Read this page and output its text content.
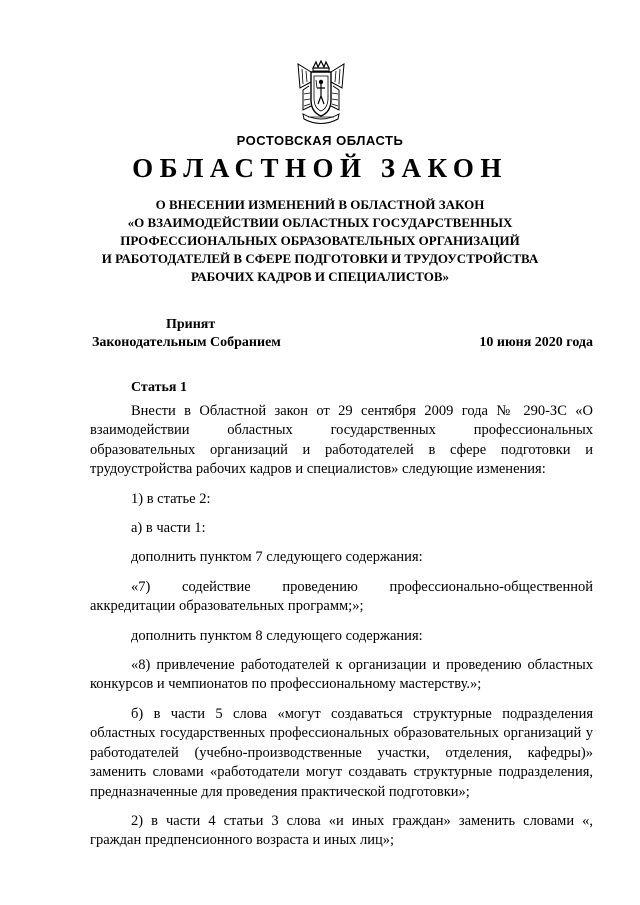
РОСТОВСКАЯ ОБЛАСТЬ
ОБЛАСТНОЙ ЗАКОН
О ВНЕСЕНИИ ИЗМЕНЕНИЙ В ОБЛАСТНОЙ ЗАКОН
«О ВЗАИМОДЕЙСТВИИ ОБЛАСТНЫХ ГОСУДАРСТВЕННЫХ
ПРОФЕССИОНАЛЬНЫХ ОБРАЗОВАТЕЛЬНЫХ ОРГАНИЗАЦИЙ
И РАБОТОДАТЕЛЕЙ В СФЕРЕ ПОДГОТОВКИ И ТРУДОУСТРОЙСТВА
РАБОЧИХ КАДРОВ И СПЕЦИАЛИСТОВ»
Принят
Законодательным Собранием	10 июня 2020 года
Статья 1

Внести в Областной закон от 29 сентября 2009 года № 290-ЗС «О взаимодействии областных государственных профессиональных образовательных организаций и работодателей в сфере подготовки и трудоустройства рабочих кадров и специалистов» следующие изменения:

1) в статье 2:

а) в части 1:

дополнить пунктом 7 следующего содержания:

«7) содействие проведению профессионально-общественной аккредитации образовательных программ;»;

дополнить пунктом 8 следующего содержания:

«8) привлечение работодателей к организации и проведению областных конкурсов и чемпионатов по профессиональному мастерству.»;

б) в части 5 слова «могут создаваться структурные подразделения областных государственных профессиональных образовательных организаций у работодателей (учебно-производственные участки, отделения, кафедры)» заменить словами «работодатели могут создавать структурные подразделения, предназначенные для проведения практической подготовки»;

2) в части 4 статьи 3 слова «и иных граждан» заменить словами «, граждан предпенсионного возраста и иных лиц»;
